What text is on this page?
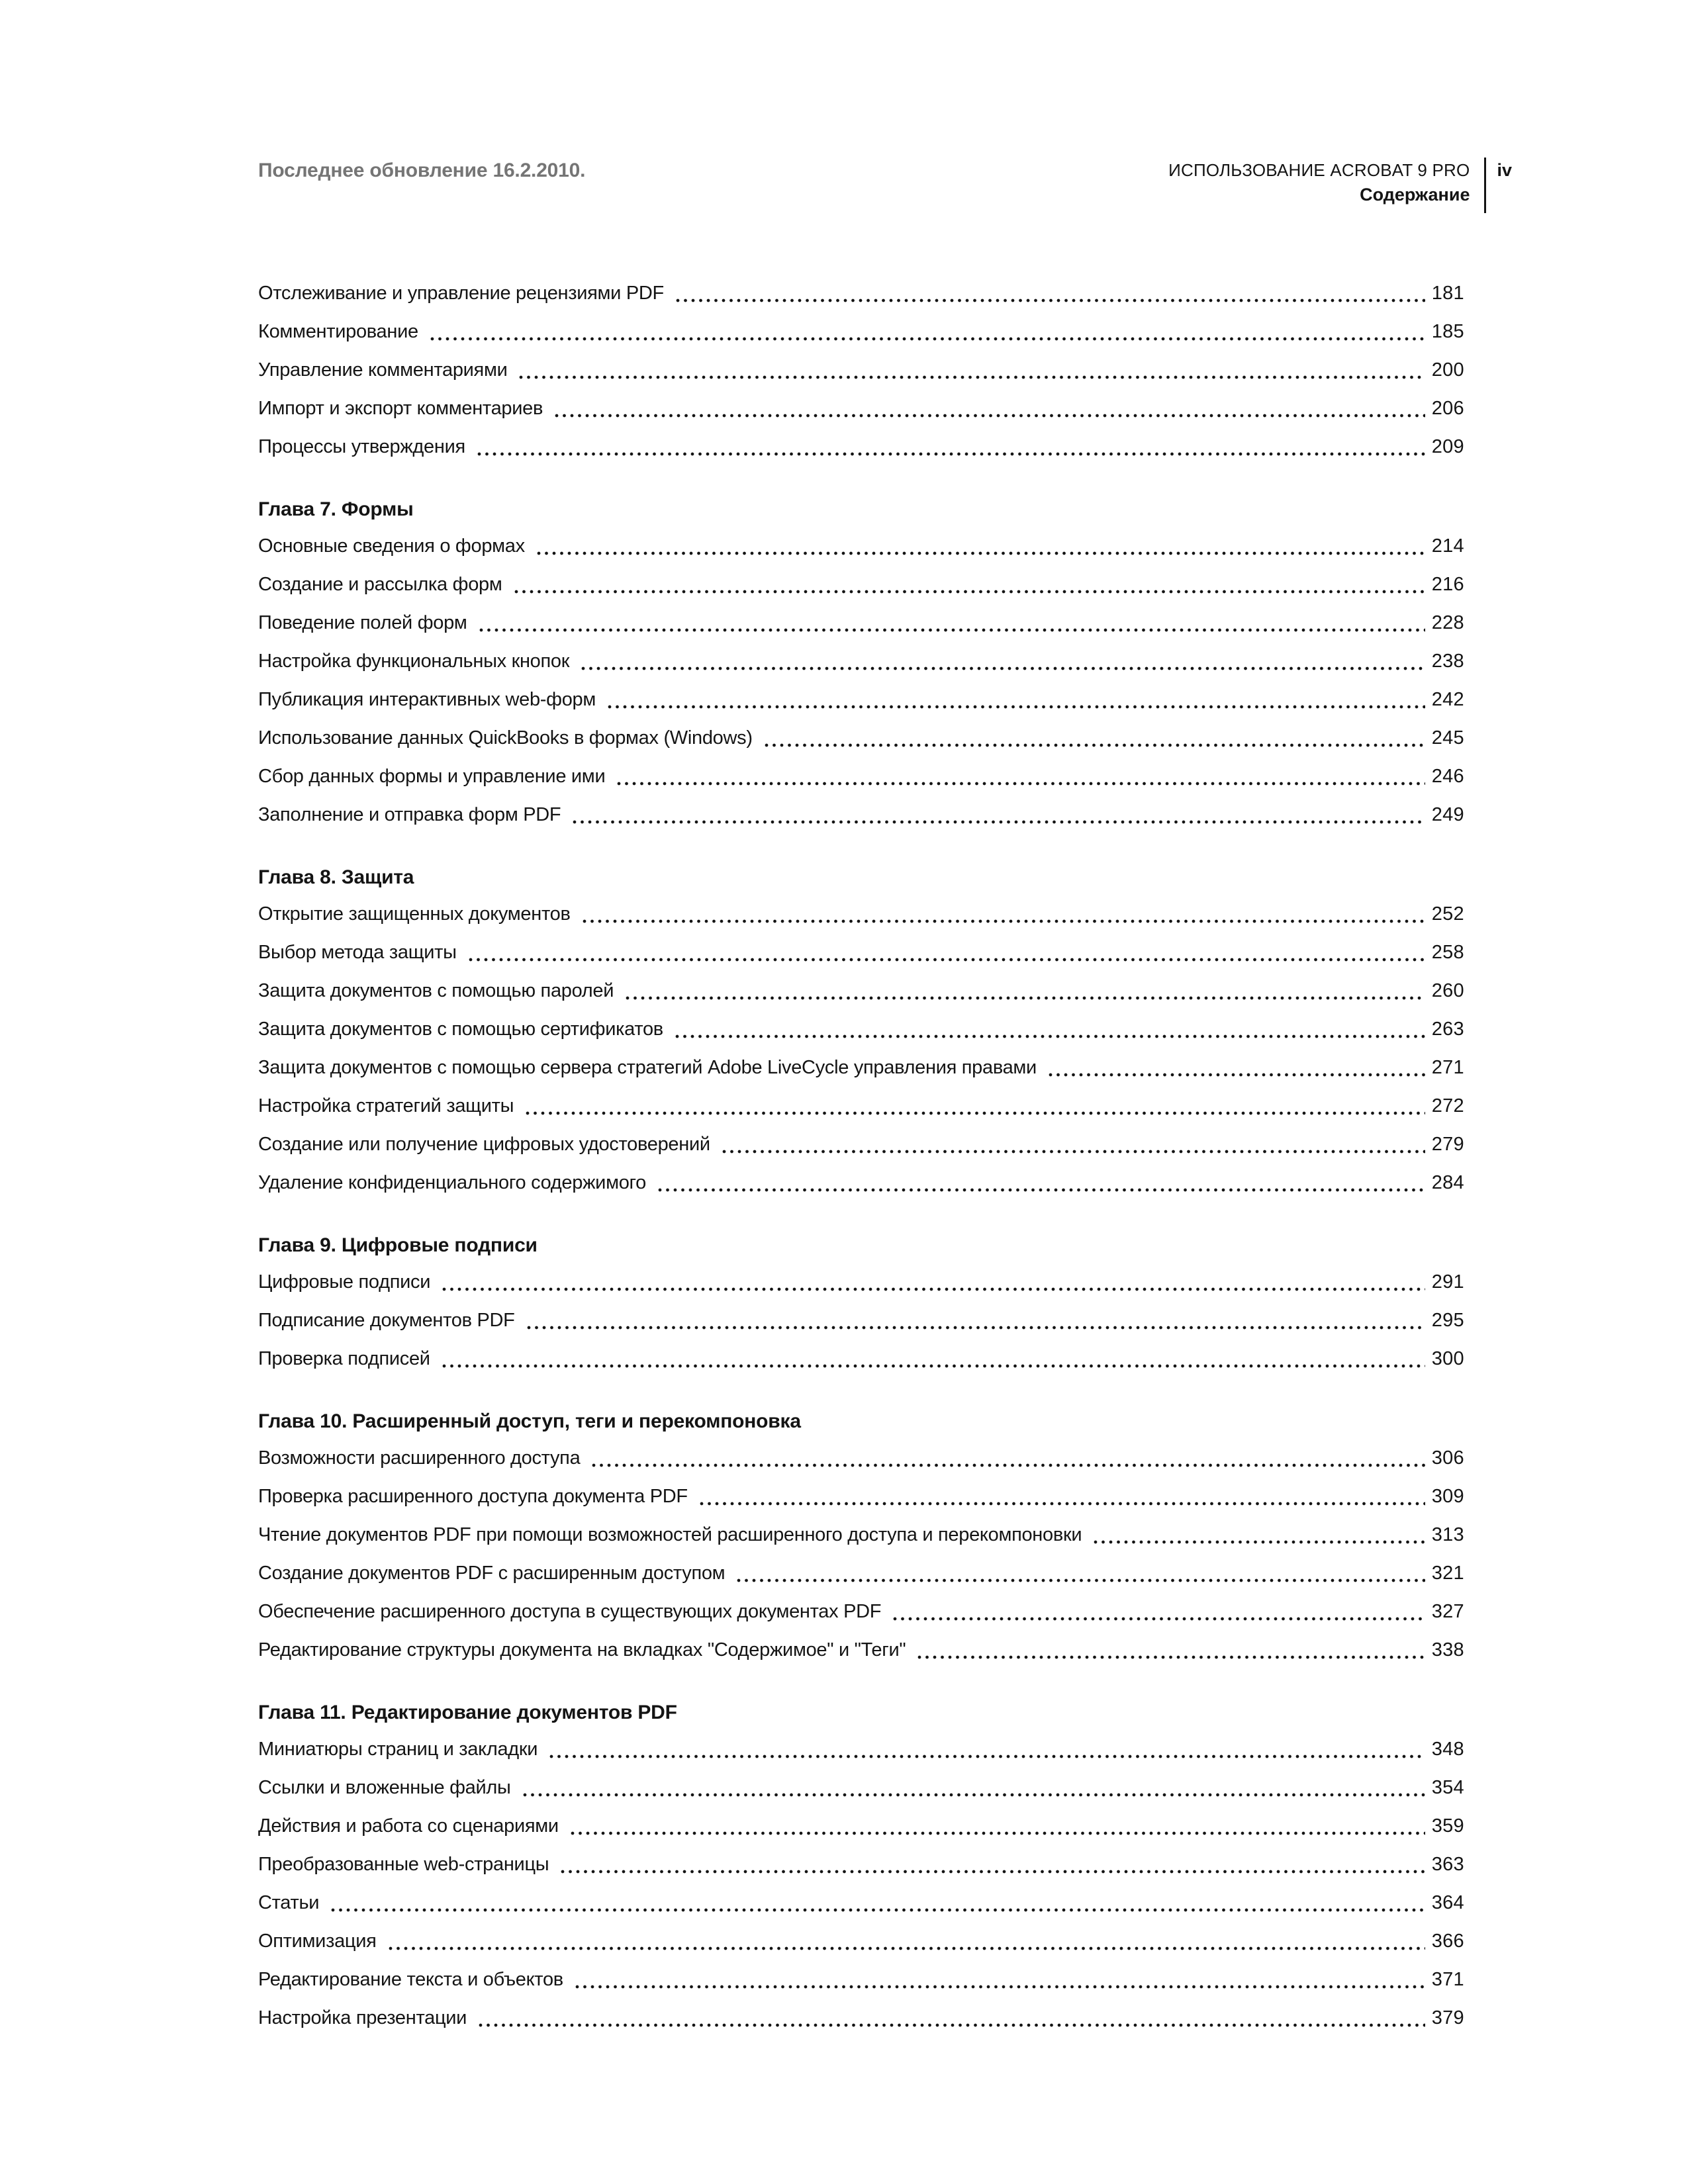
Последнее обновление 16.2.2010.	ИСПОЛЬЗОВАНИЕ ACROBAT 9 PRO
Содержание
iv
Отслеживание и управление рецензиями PDF	181
Комментирование	185
Управление комментариями	200
Импорт и экспорт комментариев	206
Процессы утверждения	209
Глава 7. Формы
Основные сведения о формах	214
Создание и рассылка форм	216
Поведение полей форм	228
Настройка функциональных кнопок	238
Публикация интерактивных web-форм	242
Использование данных QuickBooks в формах (Windows)	245
Сбор данных формы и управление ими	246
Заполнение и отправка форм PDF	249
Глава 8. Защита
Открытие защищенных документов	252
Выбор метода защиты	258
Защита документов с помощью паролей	260
Защита документов с помощью сертификатов	263
Защита документов с помощью сервера стратегий Adobe LiveCycle управления правами	271
Настройка стратегий защиты	272
Создание или получение цифровых удостоверений	279
Удаление конфиденциального содержимого	284
Глава 9. Цифровые подписи
Цифровые подписи	291
Подписание документов PDF	295
Проверка подписей	300
Глава 10. Расширенный доступ, теги и перекомпоновка
Возможности расширенного доступа	306
Проверка расширенного доступа документа PDF	309
Чтение документов PDF при помощи возможностей расширенного доступа и перекомпоновки	313
Создание документов PDF с расширенным доступом	321
Обеспечение расширенного доступа в существующих документах PDF	327
Редактирование структуры документа на вкладках "Содержимое" и "Теги"	338
Глава 11. Редактирование документов PDF
Миниатюры страниц и закладки	348
Ссылки и вложенные файлы	354
Действия и работа со сценариями	359
Преобразованные web-страницы	363
Статьи	364
Оптимизация	366
Редактирование текста и объектов	371
Настройка презентации	379
